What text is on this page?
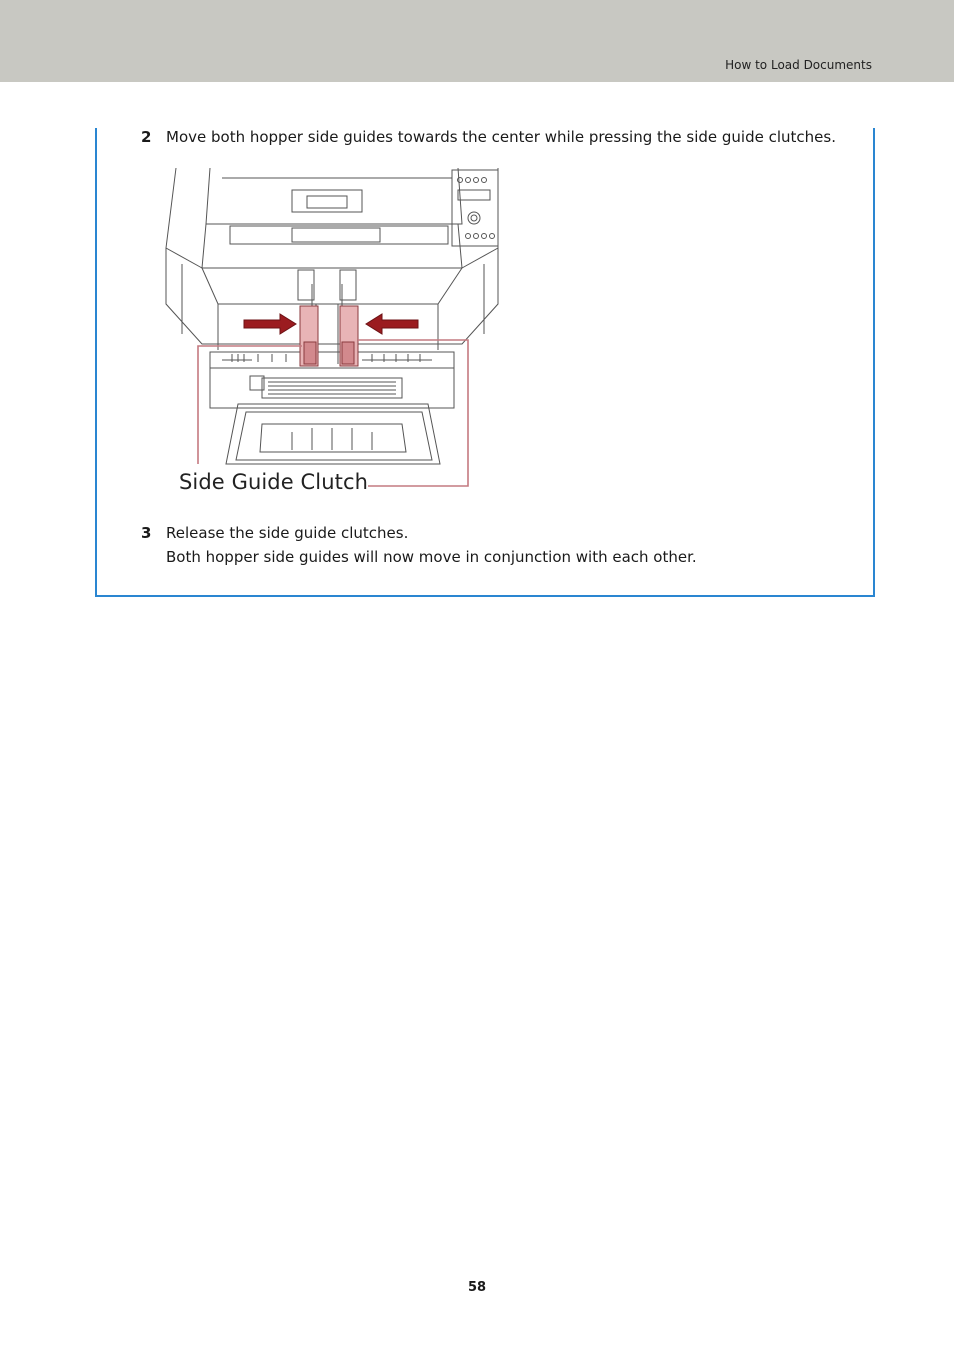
How to Load Documents
2 Move both hopper side guides towards the center while pressing the side guide clutches.
Side Guide Clutch
3 Release the side guide clutches.
Both hopper side guides will now move in conjunction with each other.
58
